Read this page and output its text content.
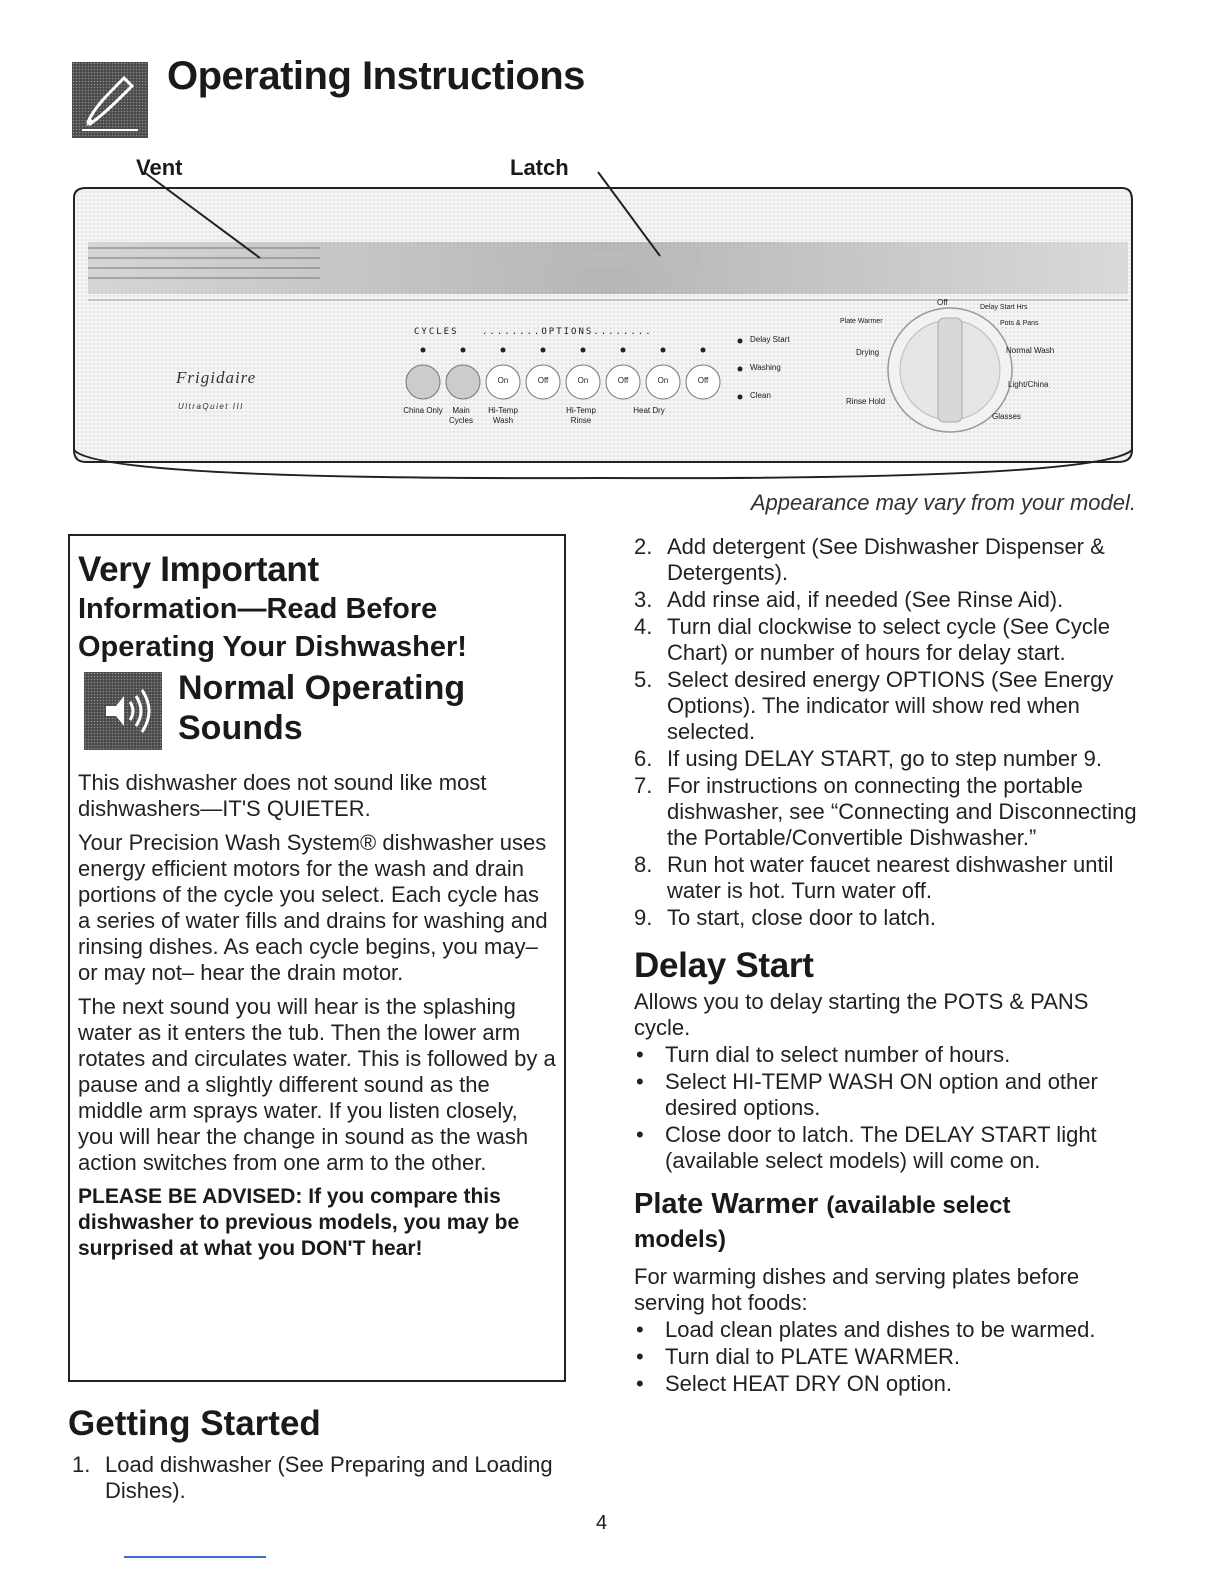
Operating Instructions
Vent	Latch
CYCLES	........OPTIONS........
Frigidaire
UltraQuiet III
On	Off	On	Off	On	Off
China Only	Main Cycles
Hi-Temp Wash
Hi-Temp Rinse
Heat Dry
Delay Start
Washing
Clean
Off
Delay Start Hrs
Plate Warmer	Pots & Pans
Drying	Normal Wash
Light/China
Rinse Hold
Glasses
Appearance may vary from your model.
Very Important
Information—Read Before
Operating Your Dishwasher!
Normal Operating
Sounds
This dishwasher does not sound like most dishwashers—IT'S QUIETER.
Your Precision Wash System® dishwasher uses energy efficient motors for the wash and drain portions of the cycle you select. Each cycle has a series of water fills and drains for washing and rinsing dishes. As each cycle begins, you may–or may not– hear the drain motor.
The next sound you will hear is the splashing water as it enters the tub. Then the lower arm rotates and circulates water. This is followed by a pause and a slightly different sound as the middle arm sprays water. If you listen closely, you will hear the change in sound as the wash action switches from one arm to the other.
PLEASE BE ADVISED: If you compare this dishwasher to previous models, you may be surprised at what you DON'T hear!
Getting Started
1. Load dishwasher (See Preparing and Loading Dishes).
2. Add detergent (See Dishwasher Dispenser & Detergents).
3. Add rinse aid, if needed (See Rinse Aid).
4. Turn dial clockwise to select cycle (See Cycle Chart) or number of hours for delay start.
5. Select desired energy OPTIONS (See Energy Options). The indicator will show red when selected.
6. If using DELAY START, go to step number 9.
7. For instructions on connecting the portable dishwasher, see “Connecting and Disconnecting the Portable/Convertible Dishwasher.”
8. Run hot water faucet nearest dishwasher until water is hot. Turn water off.
9. To start, close door to latch.
Delay Start
Allows you to delay starting the POTS & PANS cycle.
• Turn dial to select number of hours.
• Select HI-TEMP WASH ON option and other desired options.
• Close door to latch. The DELAY START light (available select models) will come on.
Plate Warmer (available select
models)
For warming dishes and serving plates before serving hot foods:
• Load clean plates and dishes to be warmed.
• Turn dial to PLATE WARMER.
• Select HEAT DRY ON option.
4
